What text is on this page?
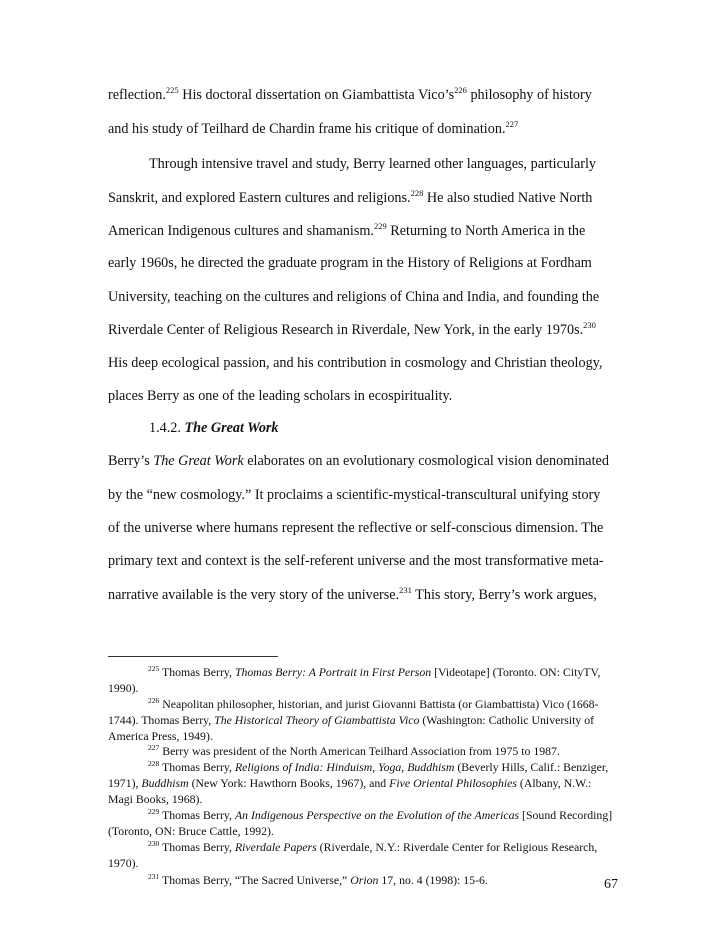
reflection.$^{225}$ His doctoral dissertation on Giambattista $Vico’s^{226}$ philosophy of history
and his study of Teilhard de Chardin frame his critique of domination.$^{227}$
Through intensive travel and study, Berry learned other languages, particularly
Sanskrit, and explored Eastern cultures and religions.$^{228}$ He also studied Native North
American Indigenous cultures and shamanism.$^{229}$ Returning to North America in the
early 1960s, he directed the graduate program in the History of Religions at Fordham
University, teaching on the cultures and religions of China and India, and founding the
Riverdale Center of Religious Research in Riverdale, New York, in the early 1970s.$^{230}$
His deep ecological passion, and his contribution in cosmology and Christian theology,
places Berry as one of the leading scholars in ecospirituality.
1.4.2. The Great Work
Berry’s The Great Work elaborates on an evolutionary cosmological vision denominated
by the “new cosmology.” It proclaims a scientific-mystical-transcultural unifying story
of the universe where humans represent the reflective or self-conscious dimension. The
primary text and context is the self-referent universe and the most transformative meta-
narrative available is the very story of the universe.$^{231}$ This story, Berry’s work argues,
$^{225}$ Thomas Berry, Thomas Berry: A Portrait in First Person [Videotape] (Toronto. ON: CityTV,
1990).
$^{226}$ Neapolitan philosopher, historian, and jurist Giovanni Battista (or Giambattista) Vico (1668-
1744). Thomas Berry, The Historical Theory of Giambattista Vico (Washington: Catholic University of
America Press, 1949).
$^{227}$ Berry was president of the North American Teilhard Association from 1975 to 1987.
$^{228}$ Thomas Berry, Religions of India: Hinduism, Yoga, Buddhism (Beverly Hills, Calif.: Benziger,
1971), Buddhism (New York: Hawthorn Books, 1967), and Five Oriental Philosophies (Albany, N.W.:
Magi Books, 1968).
$^{229}$ Thomas Berry, An Indigenous Perspective on the Evolution of the Americas [Sound Recording]
(Toronto, ON: Bruce Cattle, 1992).
$^{230}$ Thomas Berry, Riverdale Papers (Riverdale, N.Y.: Riverdale Center for Religious Research,
1970).
$^{231}$ Thomas Berry, “The Sacred Universe,” Orion 17, no. 4 (1998): 15-6.	67
